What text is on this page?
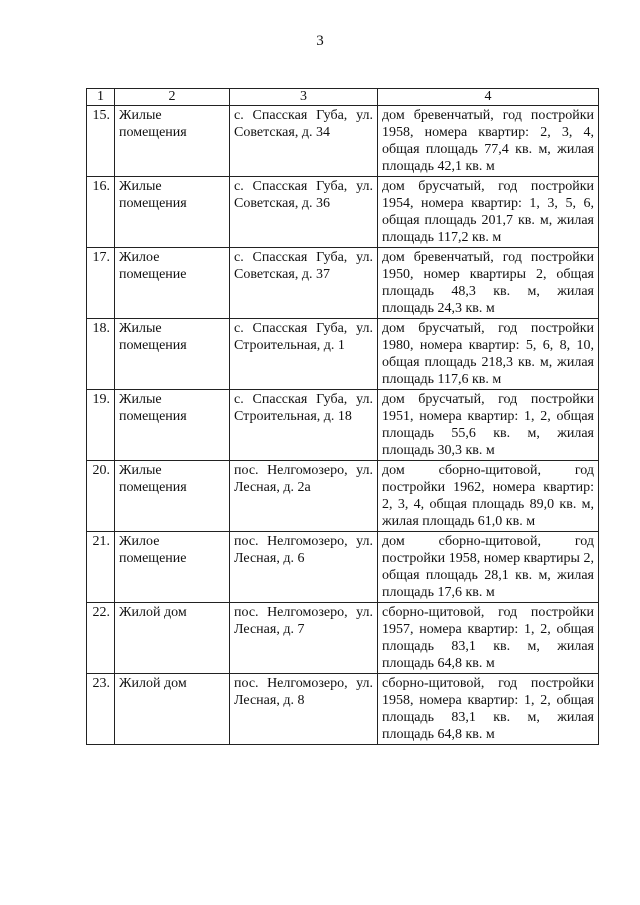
3
1	2	3	4
15.	Жилые помещения	с. Спасская Губа, ул. Советская, д. 34	дом бревенчатый, год постройки 1958, номера квартир: 2, 3, 4, общая площадь 77,4 кв. м, жилая площадь 42,1 кв. м
16.	Жилые помещения	с. Спасская Губа, ул. Советская, д. 36	дом брусчатый, год постройки 1954, номера квартир: 1, 3, 5, 6, общая площадь 201,7 кв. м, жилая площадь 117,2 кв. м
17.	Жилое помещение	с. Спасская Губа, ул. Советская, д. 37	дом бревенчатый, год постройки 1950, номер квартиры 2, общая площадь 48,3 кв. м, жилая площадь 24,3 кв. м
18.	Жилые помещения	с. Спасская Губа, ул. Строительная, д. 1	дом брусчатый, год постройки 1980, номера квартир: 5, 6, 8, 10, общая площадь 218,3 кв. м, жилая площадь 117,6 кв. м
19.	Жилые помещения	с. Спасская Губа, ул. Строительная, д. 18	дом брусчатый, год постройки 1951, номера квартир: 1, 2, общая площадь 55,6 кв. м, жилая площадь 30,3 кв. м
20.	Жилые помещения	пос. Нелгомозеро, ул. Лесная, д. 2а	дом сборно-щитовой, год постройки 1962, номера квартир: 2, 3, 4, общая площадь 89,0 кв. м, жилая площадь 61,0 кв. м
21.	Жилое помещение	пос. Нелгомозеро, ул. Лесная, д. 6	дом сборно-щитовой, год постройки 1958, номер квартиры 2, общая площадь 28,1 кв. м, жилая площадь 17,6 кв. м
22.	Жилой дом	пос. Нелгомозеро, ул. Лесная, д. 7	сборно-щитовой, год постройки 1957, номера квартир: 1, 2, общая площадь 83,1 кв. м, жилая площадь 64,8 кв. м
23.	Жилой дом	пос. Нелгомозеро, ул. Лесная, д. 8	сборно-щитовой, год постройки 1958, номера квартир: 1, 2, общая площадь 83,1 кв. м, жилая площадь 64,8 кв. м
